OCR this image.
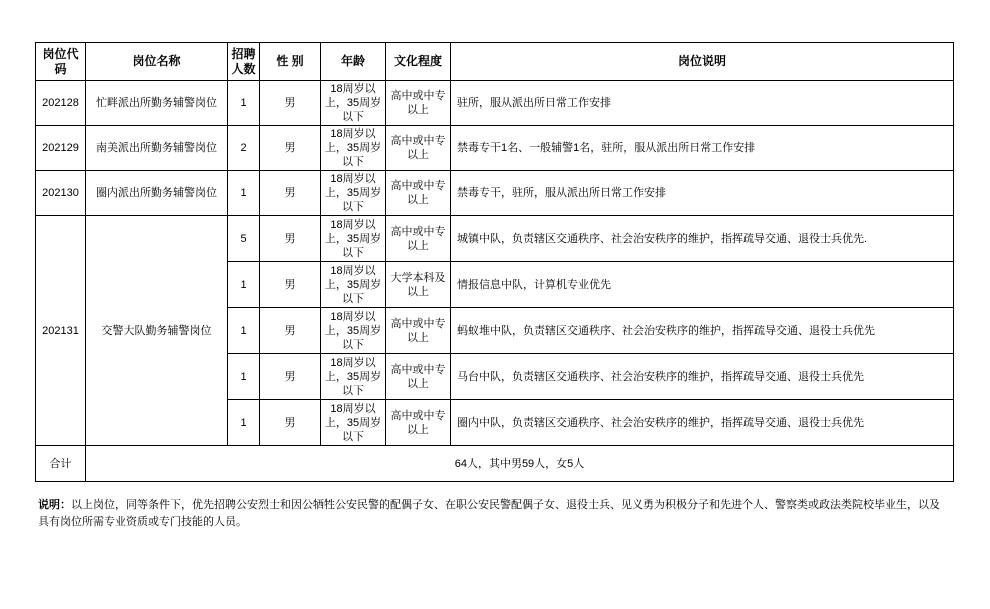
岗位代码	岗位名称	招聘人数	性 别	年龄	文化程度	岗位说明
202128	忙畔派出所勤务辅警岗位	1	男	18周岁以上，35周岁以下	高中或中专以上	驻所，服从派出所日常工作安排
202129	南美派出所勤务辅警岗位	2	男	18周岁以上，35周岁以下	高中或中专以上	禁毒专干1名、一般辅警1名，驻所，服从派出所日常工作安排
202130	圈内派出所勤务辅警岗位	1	男	18周岁以上，35周岁以下	高中或中专以上	禁毒专干，驻所，服从派出所日常工作安排
202131	交警大队勤务辅警岗位	5	男	18周岁以上，35周岁以下	高中或中专以上	城镇中队，负责辖区交通秩序、社会治安秩序的维护，指挥疏导交通、退役士兵优先.
		1	男	18周岁以上，35周岁以下	大学本科及以上	情报信息中队，计算机专业优先
		1	男	18周岁以上，35周岁以下	高中或中专以上	蚂蚁堆中队，负责辖区交通秩序、社会治安秩序的维护，指挥疏导交通、退役士兵优先
		1	男	18周岁以上，35周岁以下	高中或中专以上	马台中队，负责辖区交通秩序、社会治安秩序的维护，指挥疏导交通、退役士兵优先
		1	男	18周岁以上，35周岁以下	高中或中专以上	圈内中队，负责辖区交通秩序、社会治安秩序的维护，指挥疏导交通、退役士兵优先
合计	64人，其中男59人，女5人					
说明：以上岗位，同等条件下，优先招聘公安烈士和因公牺牲公安民警的配偶子女、在职公安民警配偶子女、退役士兵、见义勇为积极分子和先进个人、警察类或政法类院校毕业生，以及具有岗位所需专业资质或专门技能的人员。
